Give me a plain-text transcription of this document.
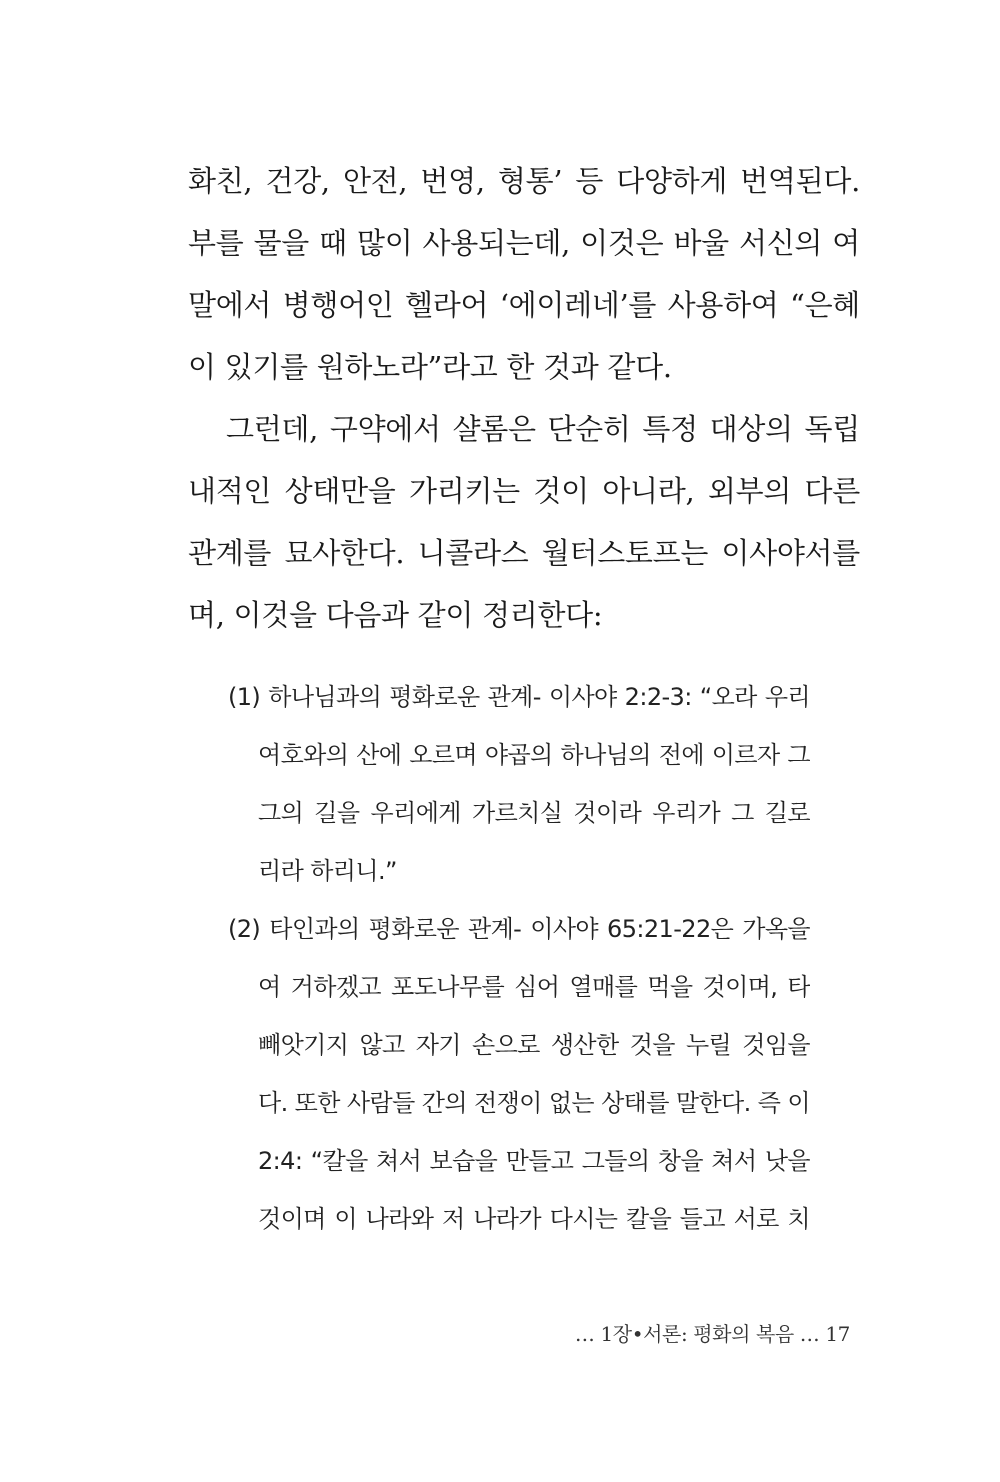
화친, 건강, 안전, 번영, 형통’ 등 다양하게 번역된다.
부를 물을 때 많이 사용되는데, 이것은 바울 서신의 여
말에서 병행어인 헬라어 ‘에이레네’를 사용하여 “은혜
이 있기를 원하노라”라고 한 것과 같다.
그런데, 구약에서 샬롬은 단순히 특정 대상의 독립
내적인 상태만을 가리키는 것이 아니라, 외부의 다른
관계를 묘사한다. 니콜라스 월터스토프는 이사야서를
며, 이것을 다음과 같이 정리한다:
(1) 하나님과의 평화로운 관계- 이사야 2:2-3: “오라 우리
여호와의 산에 오르며 야곱의 하나님의 전에 이르자 그
그의 길을 우리에게 가르치실 것이라 우리가 그 길로
리라 하리니.”
(2) 타인과의 평화로운 관계- 이사야 65:21-22은 가옥을
여 거하겠고 포도나무를 심어 열매를 먹을 것이며, 타
빼앗기지 않고 자기 손으로 생산한 것을 누릴 것임을
다. 또한 사람들 간의 전쟁이 없는 상태를 말한다. 즉 이
2:4: “칼을 쳐서 보습을 만들고 그들의 창을 쳐서 낫을
것이며 이 나라와 저 나라가 다시는 칼을 들고 서로 치
… 1장•서론: 평화의 복음 … 17
